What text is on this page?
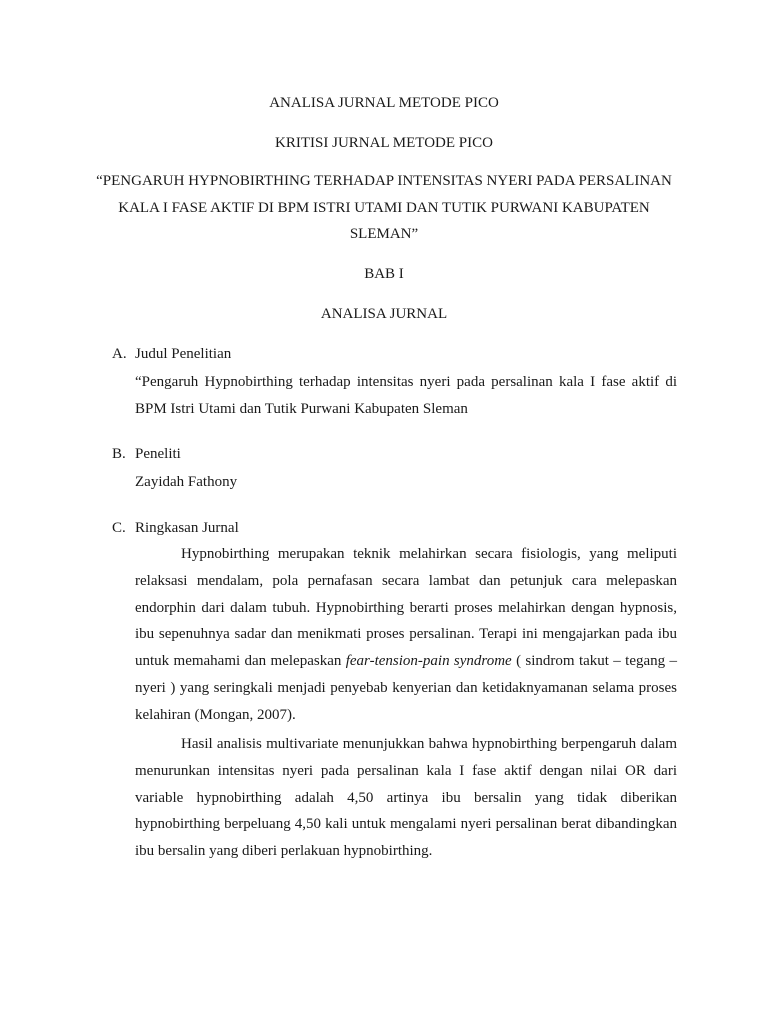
ANALISA JURNAL METODE PICO
KRITISI JURNAL METODE PICO
“PENGARUH HYPNOBIRTHING TERHADAP INTENSITAS NYERI PADA PERSALINAN
KALA I FASE AKTIF DI BPM ISTRI UTAMI DAN TUTIK PURWANI KABUPATEN
SLEMAN”
BAB I
ANALISA JURNAL
A. Judul Penelitian
“Pengaruh Hypnobirthing terhadap intensitas nyeri pada persalinan kala I fase aktif di
BPM Istri Utami dan Tutik Purwani Kabupaten Sleman
B. Peneliti
Zayidah Fathony
C. Ringkasan Jurnal
Hypnobirthing merupakan teknik melahirkan secara fisiologis, yang meliputi
relaksasi mendalam, pola pernafasan secara lambat dan petunjuk cara melepaskan
endorphin dari dalam tubuh. Hypnobirthing berarti proses melahirkan dengan hypnosis,
ibu sepenuhnya sadar dan menikmati proses persalinan. Terapi ini mengajarkan pada ibu
untuk memahami dan melepaskan fear-tension-pain syndrome ( sindrom takut – tegang –
nyeri ) yang seringkali menjadi penyebab kenyerian dan ketidaknyamanan selama proses
kelahiran (Mongan, 2007).
Hasil analisis multivariate menunjukkan bahwa hypnobirthing berpengaruh dalam
menurunkan intensitas nyeri pada persalinan kala I fase aktif dengan nilai OR dari
variable hypnobirthing adalah 4,50 artinya ibu bersalin yang tidak diberikan
hypnobirthing berpeluang 4,50 kali untuk mengalami nyeri persalinan berat dibandingkan
ibu bersalin yang diberi perlakuan hypnobirthing.
